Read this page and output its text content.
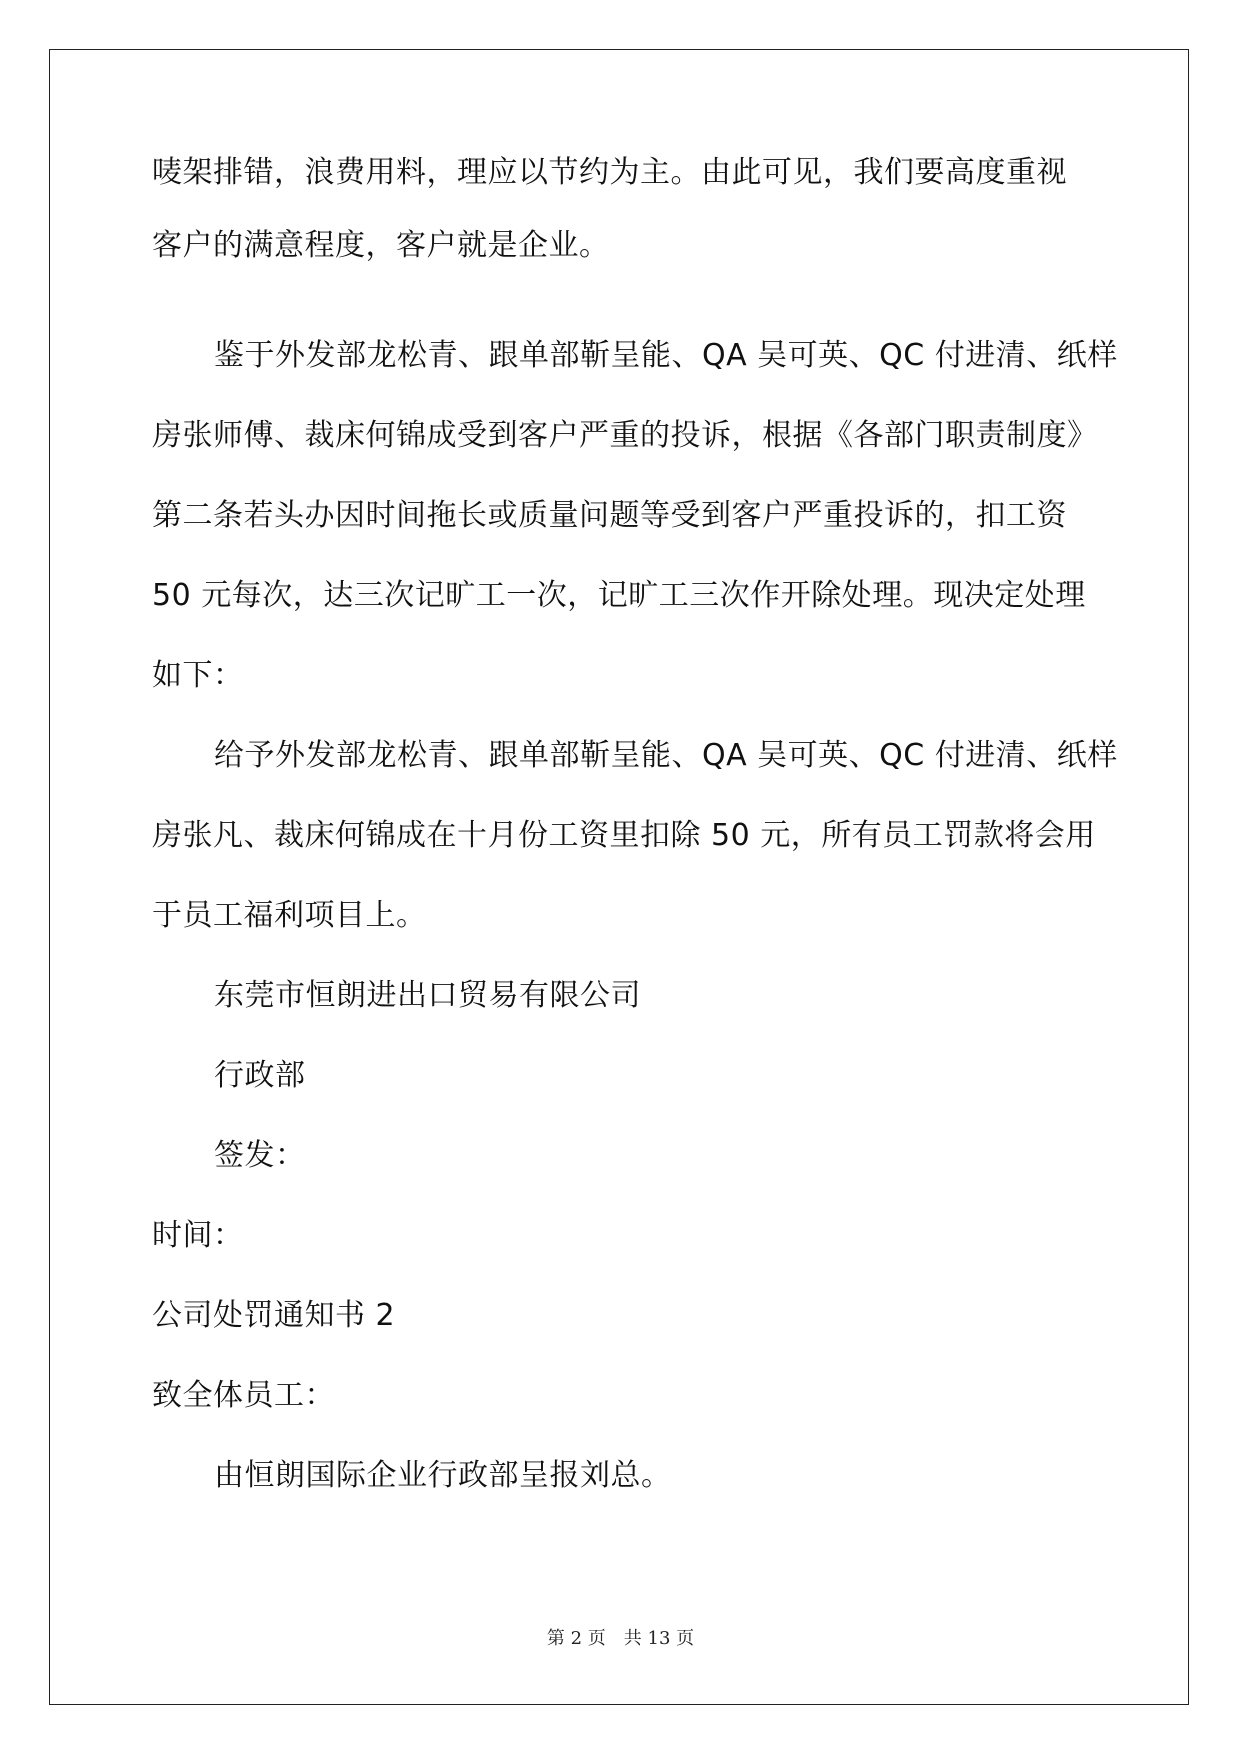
唛架排错，浪费用料，理应以节约为主。由此可见，我们要高度重视
客户的满意程度，客户就是企业。
鉴于外发部龙松青、跟单部靳呈能、QA 吴可英、QC 付进清、纸样
房张师傅、裁床何锦成受到客户严重的投诉，根据《各部门职责制度》
第二条若头办因时间拖长或质量问题等受到客户严重投诉的，扣工资
50 元每次，达三次记旷工一次，记旷工三次作开除处理。现决定处理
如下：
给予外发部龙松青、跟单部靳呈能、QA 吴可英、QC 付进清、纸样
房张凡、裁床何锦成在十月份工资里扣除 50 元，所有员工罚款将会用
于员工福利项目上。
东莞市恒朗进出口贸易有限公司
行政部
签发：
时间：
公司处罚通知书 2
致全体员工：
由恒朗国际企业行政部呈报刘总。
第 2 页 共 13 页
